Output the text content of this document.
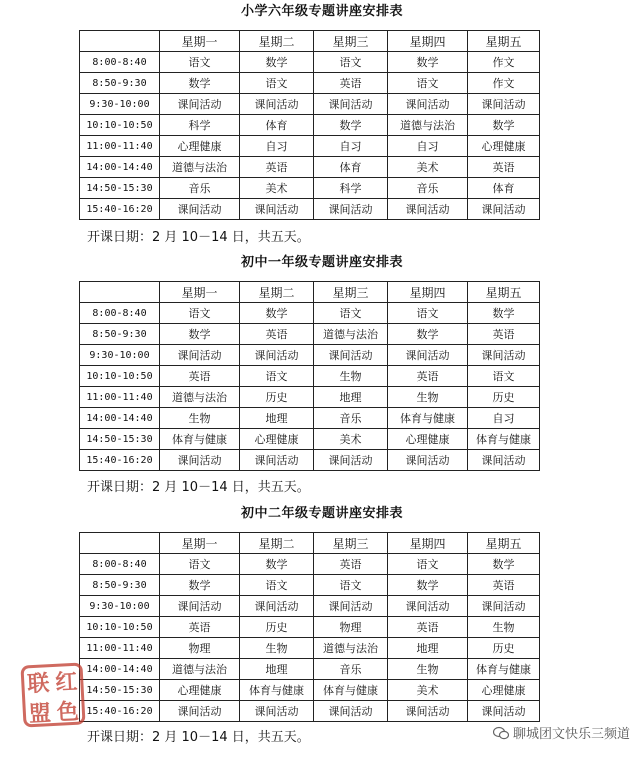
小学六年级专题讲座安排表
	星期一	星期二	星期三	星期四	星期五
8:00-8:40	语文	数学	语文	数学	作文
8:50-9:30	数学	语文	英语	语文	作文
9:30-10:00	课间活动	课间活动	课间活动	课间活动	课间活动
10:10-10:50	科学	体育	数学	道德与法治	数学
11:00-11:40	心理健康	自习	自习	自习	心理健康
14:00-14:40	道德与法治	英语	体育	美术	英语
14:50-15:30	音乐	美术	科学	音乐	体育
15:40-16:20	课间活动	课间活动	课间活动	课间活动	课间活动
开课日期：2 月 10－14 日，共五天。
初中一年级专题讲座安排表
	星期一	星期二	星期三	星期四	星期五
8:00-8:40	语文	数学	语文	语文	数学
8:50-9:30	数学	英语	道德与法治	数学	英语
9:30-10:00	课间活动	课间活动	课间活动	课间活动	课间活动
10:10-10:50	英语	语文	生物	英语	语文
11:00-11:40	道德与法治	历史	地理	生物	历史
14:00-14:40	生物	地理	音乐	体育与健康	自习
14:50-15:30	体育与健康	心理健康	美术	心理健康	体育与健康
15:40-16:20	课间活动	课间活动	课间活动	课间活动	课间活动
开课日期：2 月 10－14 日，共五天。
初中二年级专题讲座安排表
	星期一	星期二	星期三	星期四	星期五
8:00-8:40	语文	数学	英语	语文	数学
8:50-9:30	数学	语文	语文	数学	英语
9:30-10:00	课间活动	课间活动	课间活动	课间活动	课间活动
10:10-10:50	英语	历史	物理	英语	生物
11:00-11:40	物理	生物	道德与法治	地理	历史
14:00-14:40	道德与法治	地理	音乐	生物	体育与健康
14:50-15:30	心理健康	体育与健康	体育与健康	美术	心理健康
15:40-16:20	课间活动	课间活动	课间活动	课间活动	课间活动
开课日期：2 月 10－14 日，共五天。
联 红
盟 色
聊城团文快乐三频道
